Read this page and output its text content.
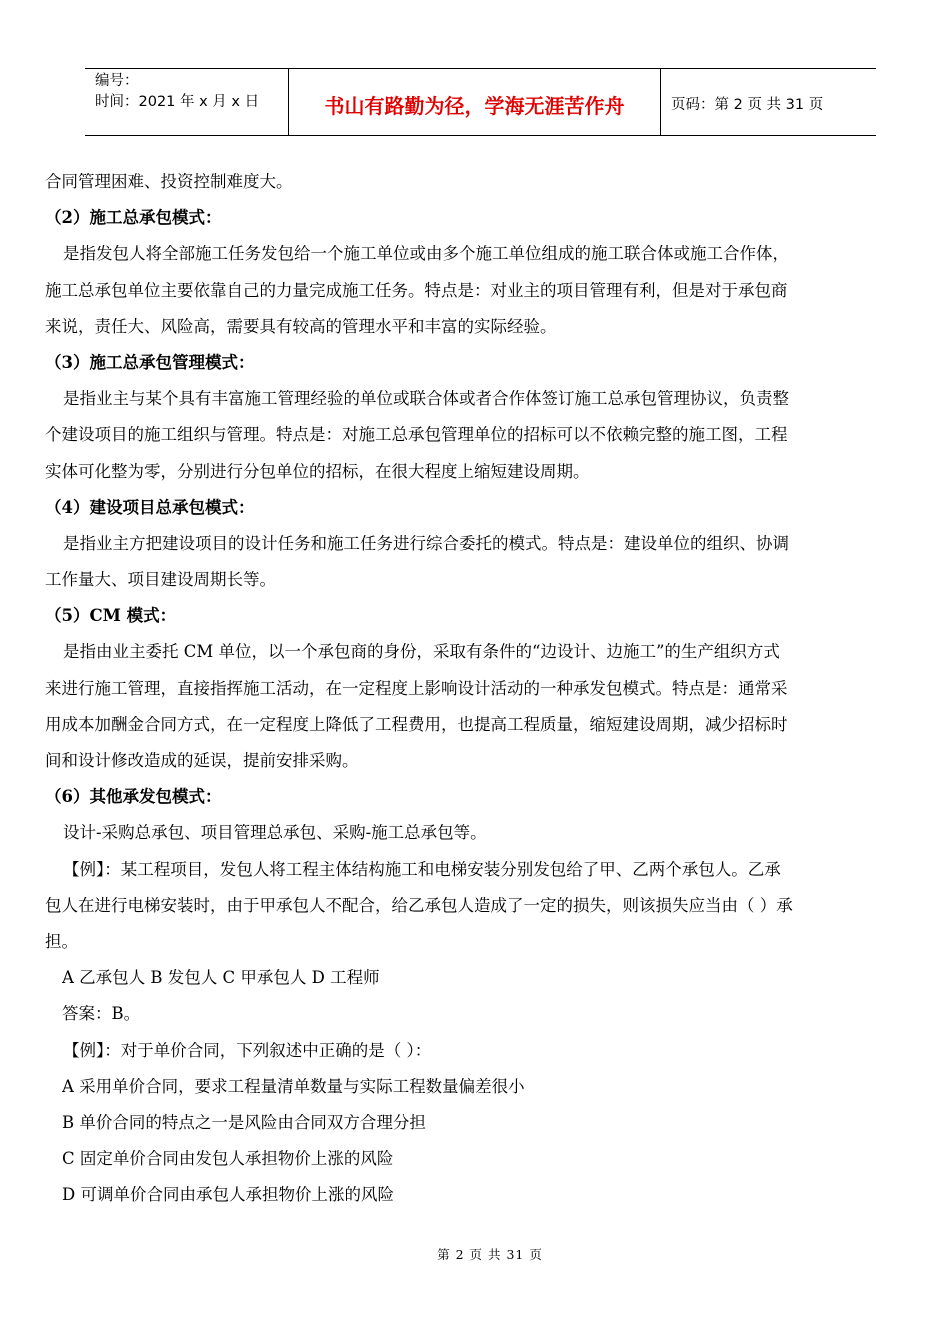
编号：
时间：2021 年 x 月 x 日	书山有路勤为径，学海无涯苦作舟	页码：第 2 页 共 31 页
合同管理困难、投资控制难度大。
（2）施工总承包模式：
是指发包人将全部施工任务发包给一个施工单位或由多个施工单位组成的施工联合体或施工合作体，
施工总承包单位主要依靠自己的力量完成施工任务。特点是：对业主的项目管理有利，但是对于承包商
来说，责任大、风险高，需要具有较高的管理水平和丰富的实际经验。
（3）施工总承包管理模式：
是指业主与某个具有丰富施工管理经验的单位或联合体或者合作体签订施工总承包管理协议，负责整
个建设项目的施工组织与管理。特点是：对施工总承包管理单位的招标可以不依赖完整的施工图，工程
实体可化整为零，分别进行分包单位的招标，在很大程度上缩短建设周期。
（4）建设项目总承包模式：
是指业主方把建设项目的设计任务和施工任务进行综合委托的模式。特点是：建设单位的组织、协调
工作量大、项目建设周期长等。
（5）CM 模式：
是指由业主委托 CM 单位，以一个承包商的身份，采取有条件的“边设计、边施工”的生产组织方式
来进行施工管理，直接指挥施工活动，在一定程度上影响设计活动的一种承发包模式。特点是：通常采
用成本加酬金合同方式，在一定程度上降低了工程费用，也提高工程质量，缩短建设周期，减少招标时
间和设计修改造成的延误，提前安排采购。
（6）其他承发包模式：
设计-采购总承包、项目管理总承包、采购-施工总承包等。
【例】：某工程项目，发包人将工程主体结构施工和电梯安装分别发包给了甲、乙两个承包人。乙承
包人在进行电梯安装时，由于甲承包人不配合，给乙承包人造成了一定的损失，则该损失应当由（ ）承
担。
A 乙承包人 B 发包人 C 甲承包人 D 工程师
答案：B。
【例】：对于单价合同，下列叙述中正确的是（ ）：
A 采用单价合同，要求工程量清单数量与实际工程数量偏差很小
B 单价合同的特点之一是风险由合同双方合理分担
C 固定单价合同由发包人承担物价上涨的风险
D 可调单价合同由承包人承担物价上涨的风险
第 2 页 共 31 页
